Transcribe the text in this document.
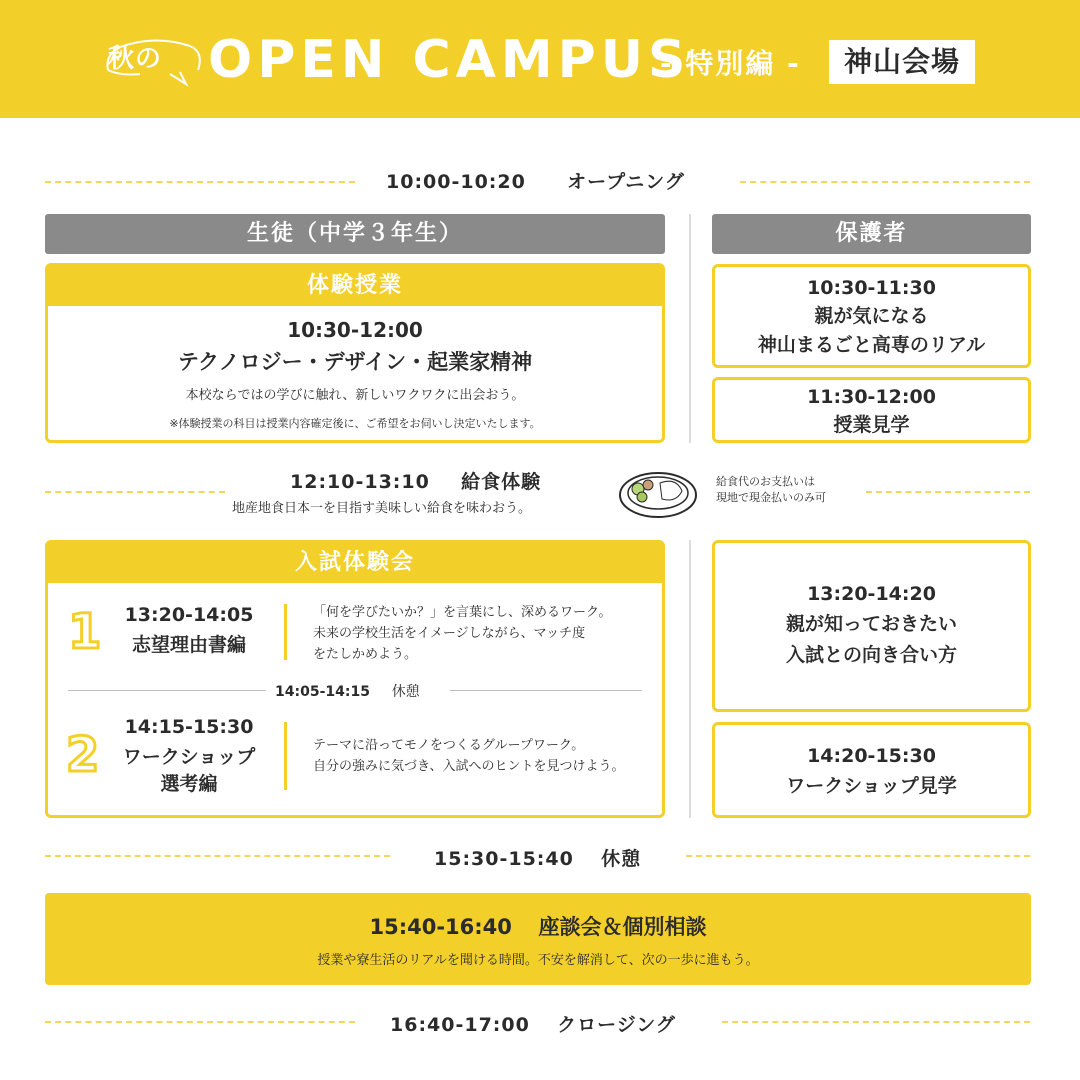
秋の OPEN CAMPUS
- 特別編 -	神山会場
10:00-10:20 オープニング
生徒（中学３年生）
体験授業
10:30-12:00
テクノロジー・デザイン・起業家精神
本校ならではの学びに触れ、新しいワクワクに出会おう。
※体験授業の科目は授業内容確定後に、ご希望をお伺いし決定いたします。
保護者
10:30-11:30
親が気になる
神山まるごと高専のリアル
11:30-12:00
授業見学
12:10-13:10 給食体験
地産地食日本一を目指す美味しい給食を味わおう。
給食代のお支払いは
現地で現金払いのみ可
入試体験会
1	13:20-14:05
志望理由書編
「何を学びたいか？」を言葉にし、深めるワーク。
未来の学校生活をイメージしながら、マッチ度
をたしかめよう。
14:05-14:15 休憩
2	14:15-15:30
ワークショップ
選考編
テーマに沿ってモノをつくるグループワーク。
自分の強みに気づき、入試へのヒントを見つけよう。
13:20-14:20
親が知っておきたい
入試との向き合い方
14:20-15:30
ワークショップ見学
15:30-15:40 休憩
15:40-16:40 座談会＆個別相談
授業や寮生活のリアルを聞ける時間。不安を解消して、次の一歩に進もう。
16:40-17:00 クロージング
